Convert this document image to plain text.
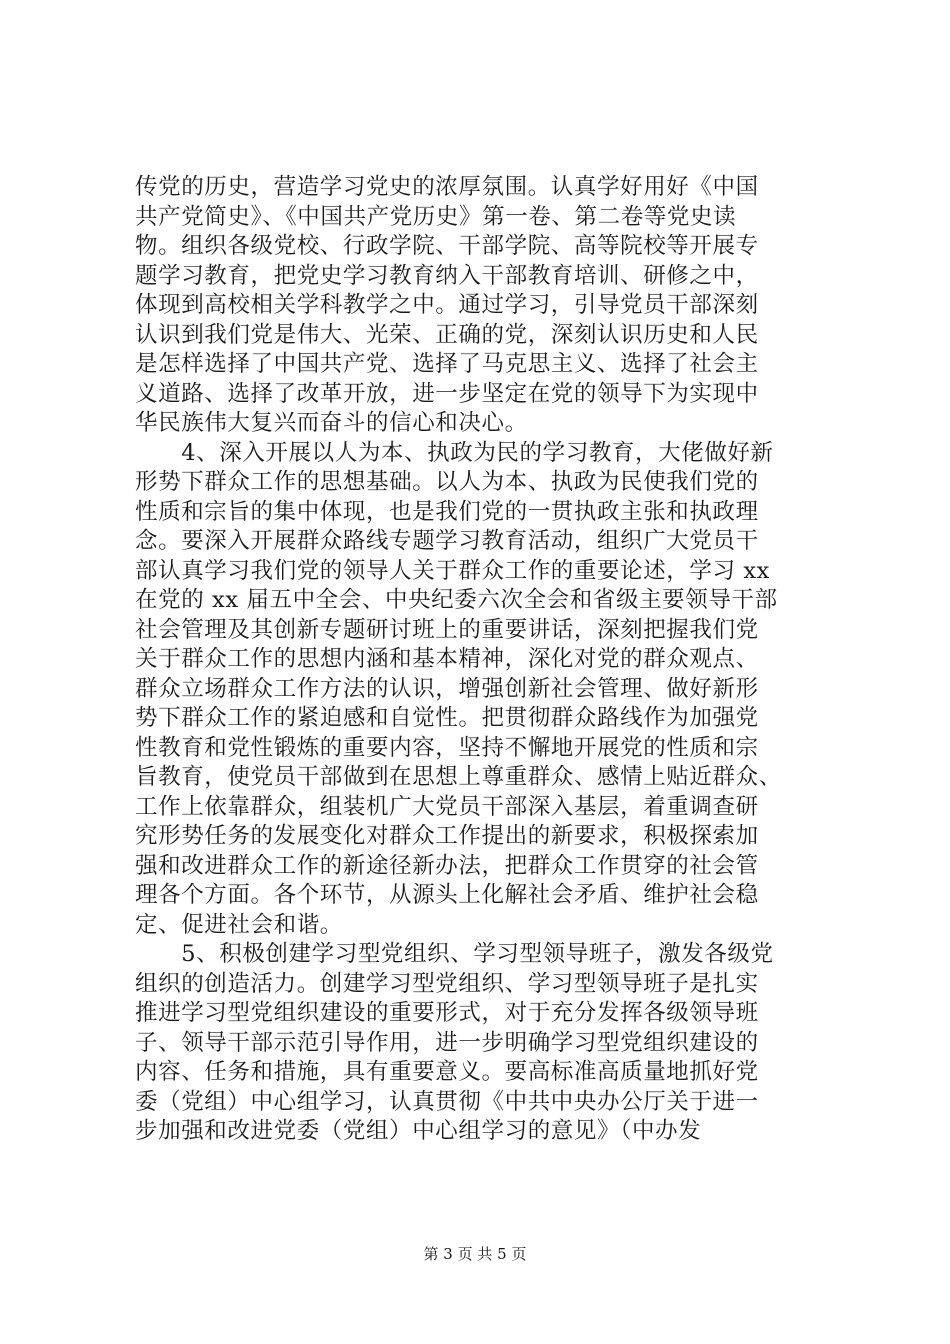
传党的历史，营造学习党史的浓厚氛围。认真学好用好《中国
共产党简史》、《中国共产党历史》第一卷、第二卷等党史读
物。组织各级党校、行政学院、干部学院、高等院校等开展专
题学习教育，把党史学习教育纳入干部教育培训、研修之中，
体现到高校相关学科教学之中。通过学习，引导党员干部深刻
认识到我们党是伟大、光荣、正确的党，深刻认识历史和人民
是怎样选择了中国共产党、选择了马克思主义、选择了社会主
义道路、选择了改革开放，进一步坚定在党的领导下为实现中
华民族伟大复兴而奋斗的信心和决心。
　　4、深入开展以人为本、执政为民的学习教育，大佬做好新
形势下群众工作的思想基础。以人为本、执政为民使我们党的
性质和宗旨的集中体现，也是我们党的一贯执政主张和执政理
念。要深入开展群众路线专题学习教育活动，组织广大党员干
部认真学习我们党的领导人关于群众工作的重要论述，学习 xx
在党的 xx 届五中全会、中央纪委六次全会和省级主要领导干部
社会管理及其创新专题研讨班上的重要讲话，深刻把握我们党
关于群众工作的思想内涵和基本精神，深化对党的群众观点、
群众立场群众工作方法的认识，增强创新社会管理、做好新形
势下群众工作的紧迫感和自觉性。把贯彻群众路线作为加强党
性教育和党性锻炼的重要内容，坚持不懈地开展党的性质和宗
旨教育，使党员干部做到在思想上尊重群众、感情上贴近群众、
工作上依靠群众，组装机广大党员干部深入基层，着重调查研
究形势任务的发展变化对群众工作提出的新要求，积极探索加
强和改进群众工作的新途径新办法，把群众工作贯穿的社会管
理各个方面。各个环节，从源头上化解社会矛盾、维护社会稳
定、促进社会和谐。
　　5、积极创建学习型党组织、学习型领导班子，激发各级党
组织的创造活力。创建学习型党组织、学习型领导班子是扎实
推进学习型党组织建设的重要形式，对于充分发挥各级领导班
子、领导干部示范引导作用，进一步明确学习型党组织建设的
内容、任务和措施，具有重要意义。要高标准高质量地抓好党
委（党组）中心组学习，认真贯彻《中共中央办公厅关于进一
步加强和改进党委（党组）中心组学习的意见》（中办发
第 3 页 共 5 页
